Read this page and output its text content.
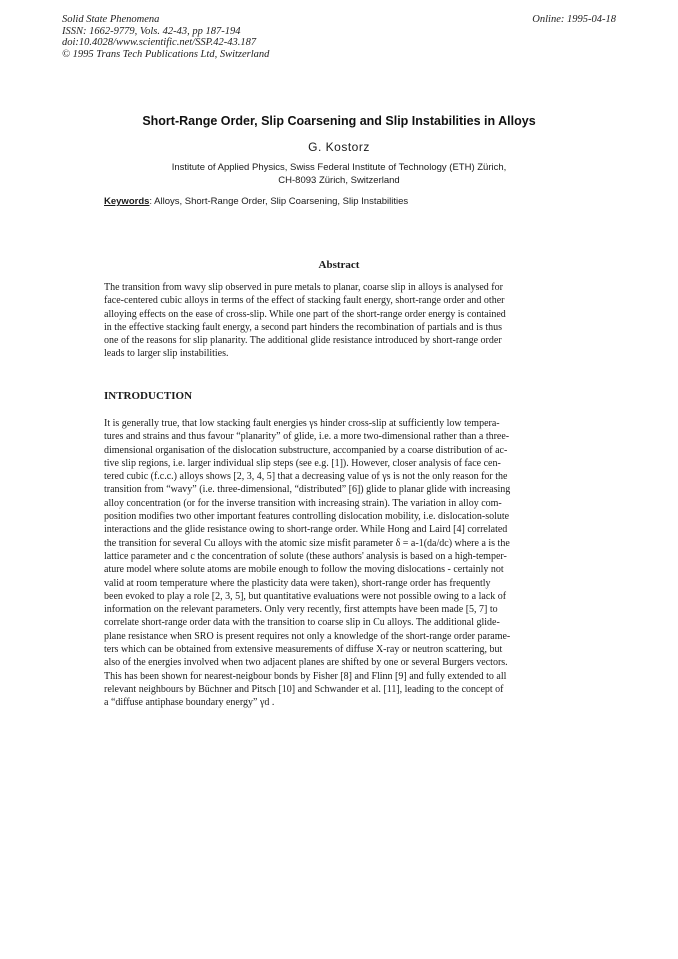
Solid State Phenomena
ISSN: 1662-9779, Vols. 42-43, pp 187-194
doi:10.4028/www.scientific.net/SSP.42-43.187
© 1995 Trans Tech Publications Ltd, Switzerland
Online: 1995-04-18
Short-Range Order, Slip Coarsening and Slip Instabilities in Alloys
G. Kostorz
Institute of Applied Physics, Swiss Federal Institute of Technology (ETH) Zürich,
CH-8093 Zürich, Switzerland
Keywords: Alloys, Short-Range Order, Slip Coarsening, Slip Instabilities
Abstract
The transition from wavy slip observed in pure metals to planar, coarse slip in alloys is analysed for
face-centered cubic alloys in terms of the effect of stacking fault energy, short-range order and other
alloying effects on the ease of cross-slip. While one part of the short-range order energy is contained
in the effective stacking fault energy, a second part hinders the recombination of partials and is thus
one of the reasons for slip planarity. The additional glide resistance introduced by short-range order
leads to larger slip instabilities.
INTRODUCTION
It is generally true, that low stacking fault energies γs hinder cross-slip at sufficiently low tempera-
tures and strains and thus favour “planarity” of glide, i.e. a more two-dimensional rather than a three-
dimensional organisation of the dislocation substructure, accompanied by a coarse distribution of ac-
tive slip regions, i.e. larger individual slip steps (see e.g. [1]). However, closer analysis of face cen-
tered cubic (f.c.c.) alloys shows [2, 3, 4, 5] that a decreasing value of γs is not the only reason for the
transition from “wavy” (i.e. three-dimensional, “distributed” [6]) glide to planar glide with increasing
alloy concentration (or for the inverse transition with increasing strain). The variation in alloy com-
position modifies two other important features controlling dislocation mobility, i.e. dislocation-solute
interactions and the glide resistance owing to short-range order. While Hong and Laird [4] correlated
the transition for several Cu alloys with the atomic size misfit parameter δ = a-1(da/dc) where a is the
lattice parameter and c the concentration of solute (these authors' analysis is based on a high-temper-
ature model where solute atoms are mobile enough to follow the moving dislocations - certainly not
valid at room temperature where the plasticity data were taken), short-range order has frequently
been evoked to play a role [2, 3, 5], but quantitative evaluations were not possible owing to a lack of
information on the relevant parameters. Only very recently, first attempts have been made [5, 7] to
correlate short-range order data with the transition to coarse slip in Cu alloys. The additional glide-
plane resistance when SRO is present requires not only a knowledge of the short-range order parame-
ters which can be obtained from extensive measurements of diffuse X-ray or neutron scattering, but
also of the energies involved when two adjacent planes are shifted by one or several Burgers vectors.
This has been shown for nearest-neigbour bonds by Fisher [8] and Flinn [9] and fully extended to all
relevant neighbours by Büchner and Pitsch [10] and Schwander et al. [11], leading to the concept of
a “diffuse antiphase boundary energy” γd .
